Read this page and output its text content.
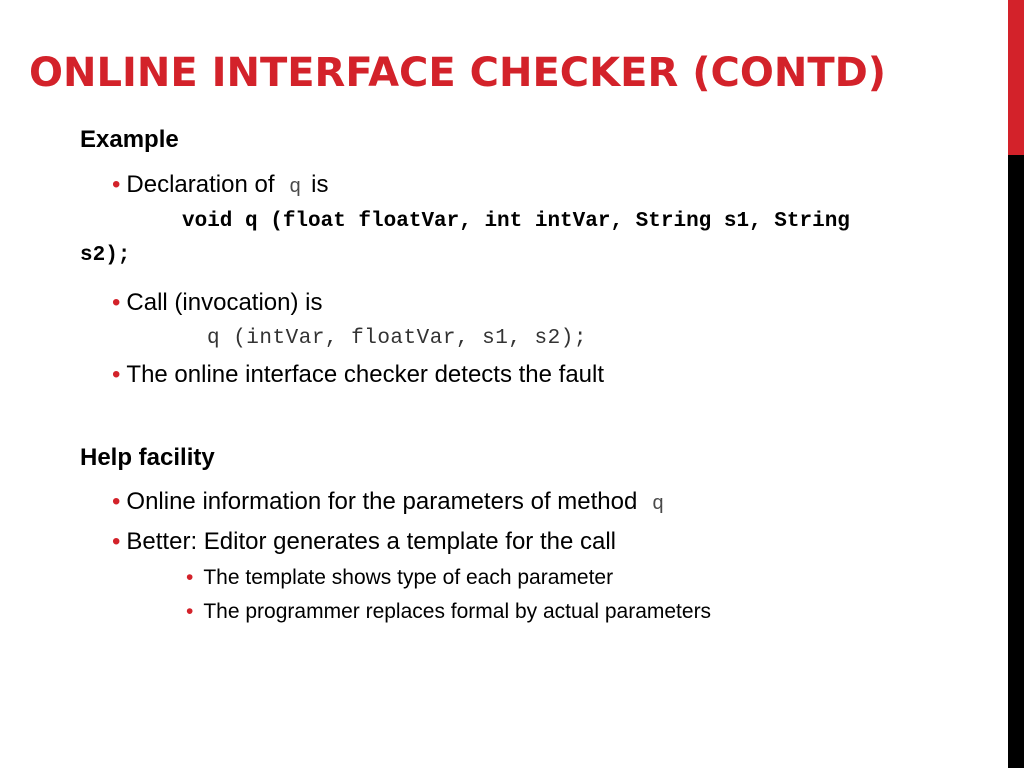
ONLINE INTERFACE CHECKER (CONTD)
Example
• Declaration of q is
void q (float floatVar, int intVar, String s1, String
s2);
• Call (invocation) is
q (intVar, floatVar, s1, s2);
• The online interface checker detects the fault
Help facility
• Online information for the parameters of method q
• Better: Editor generates a template for the call
• The template shows type of each parameter
• The programmer replaces formal by actual parameters
